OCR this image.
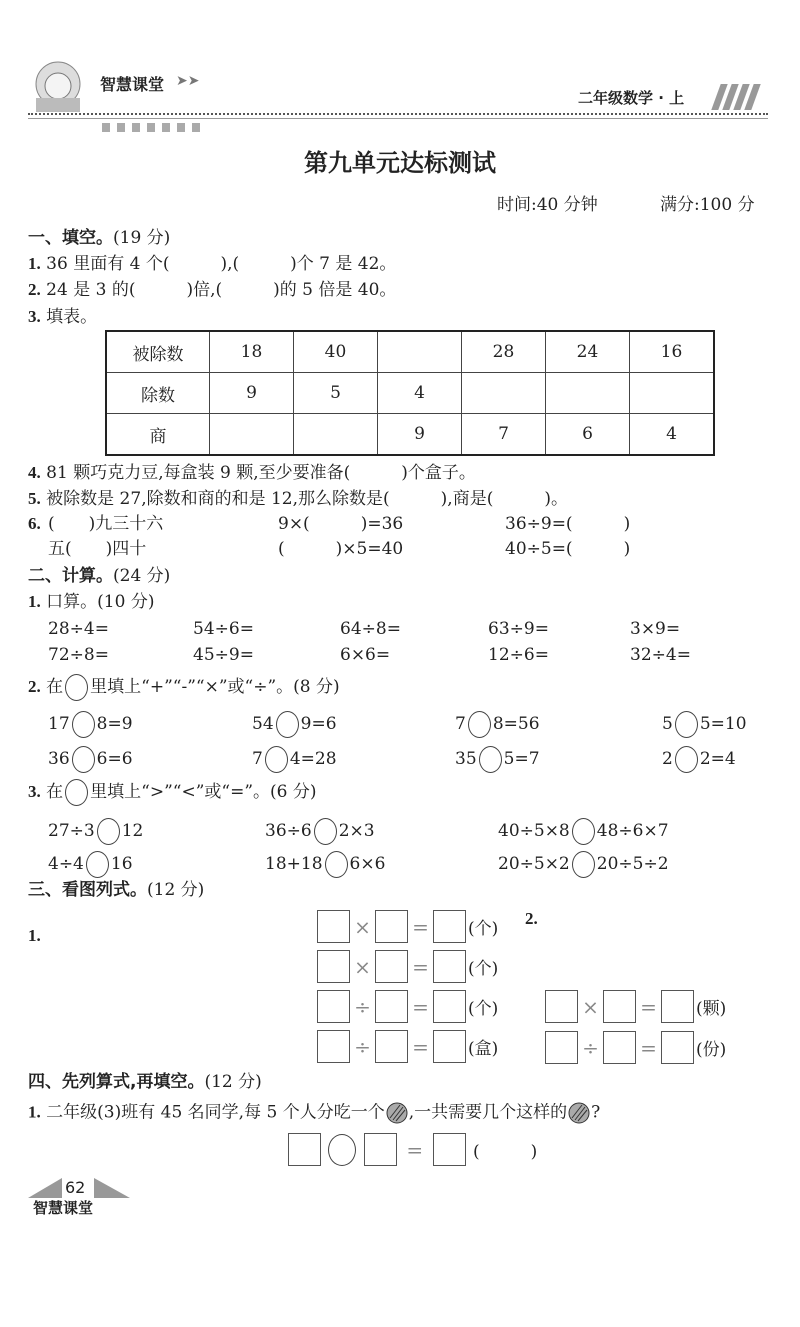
智慧课堂 ➤➤

二年级数学 · 上
第九单元达标测试
时间:40 分钟	满分:100 分
一、填空。(19 分)
1. 36 里面有 4 个(　　　),(　　　)个 7 是 42。
2. 24 是 3 的(　　　)倍,(　　　)的 5 倍是 40。
3. 填表。
被除数	18	40		28	24	16
除数	9	5	4			
商			9	7	6	4
4. 81 颗巧克力豆,每盒装 9 颗,至少要准备(　　　)个盒子。
5. 被除数是 27,除数和商的和是 12,那么除数是(　　　),商是(　　　)。
6. (　　)九三十六	9×(　　　)=36	36÷9=(　　　)
五(　　)四十	(　　　)×5=40	40÷5=(　　　)
二、计算。(24 分)
1. 口算。(10 分)
28÷4=	54÷6=	64÷8=	63÷9=	3×9=
72÷8=	45÷9=	6×6=	12÷6=	32÷4=
2. 在 里填上“+”“-”“×”或“÷”。(8 分)
17 8=9	54 9=6	7 8=56	5 5=10
36 6=6	7 4=28	35 5=7	2 2=4
3. 在 里填上“>”“<”或“=”。(6 分)
27÷3 12	36÷6 2×3	40÷5×8 48÷6×7
4÷4 16	18+18 6×6	20÷5×2 20÷5÷2
三、看图列式。(12 分)
1.	× = (个)
× = (个)
÷ = (个)
÷ = (盒)
2.
× = (颗)
÷ = (份)
四、先列算式,再填空。(12 分)
1. 二年级(3)班有 45 名同学,每 5 个人分吃一个 ,一共需要几个这样的 ?
=	(　　　)
62
智慧课堂
